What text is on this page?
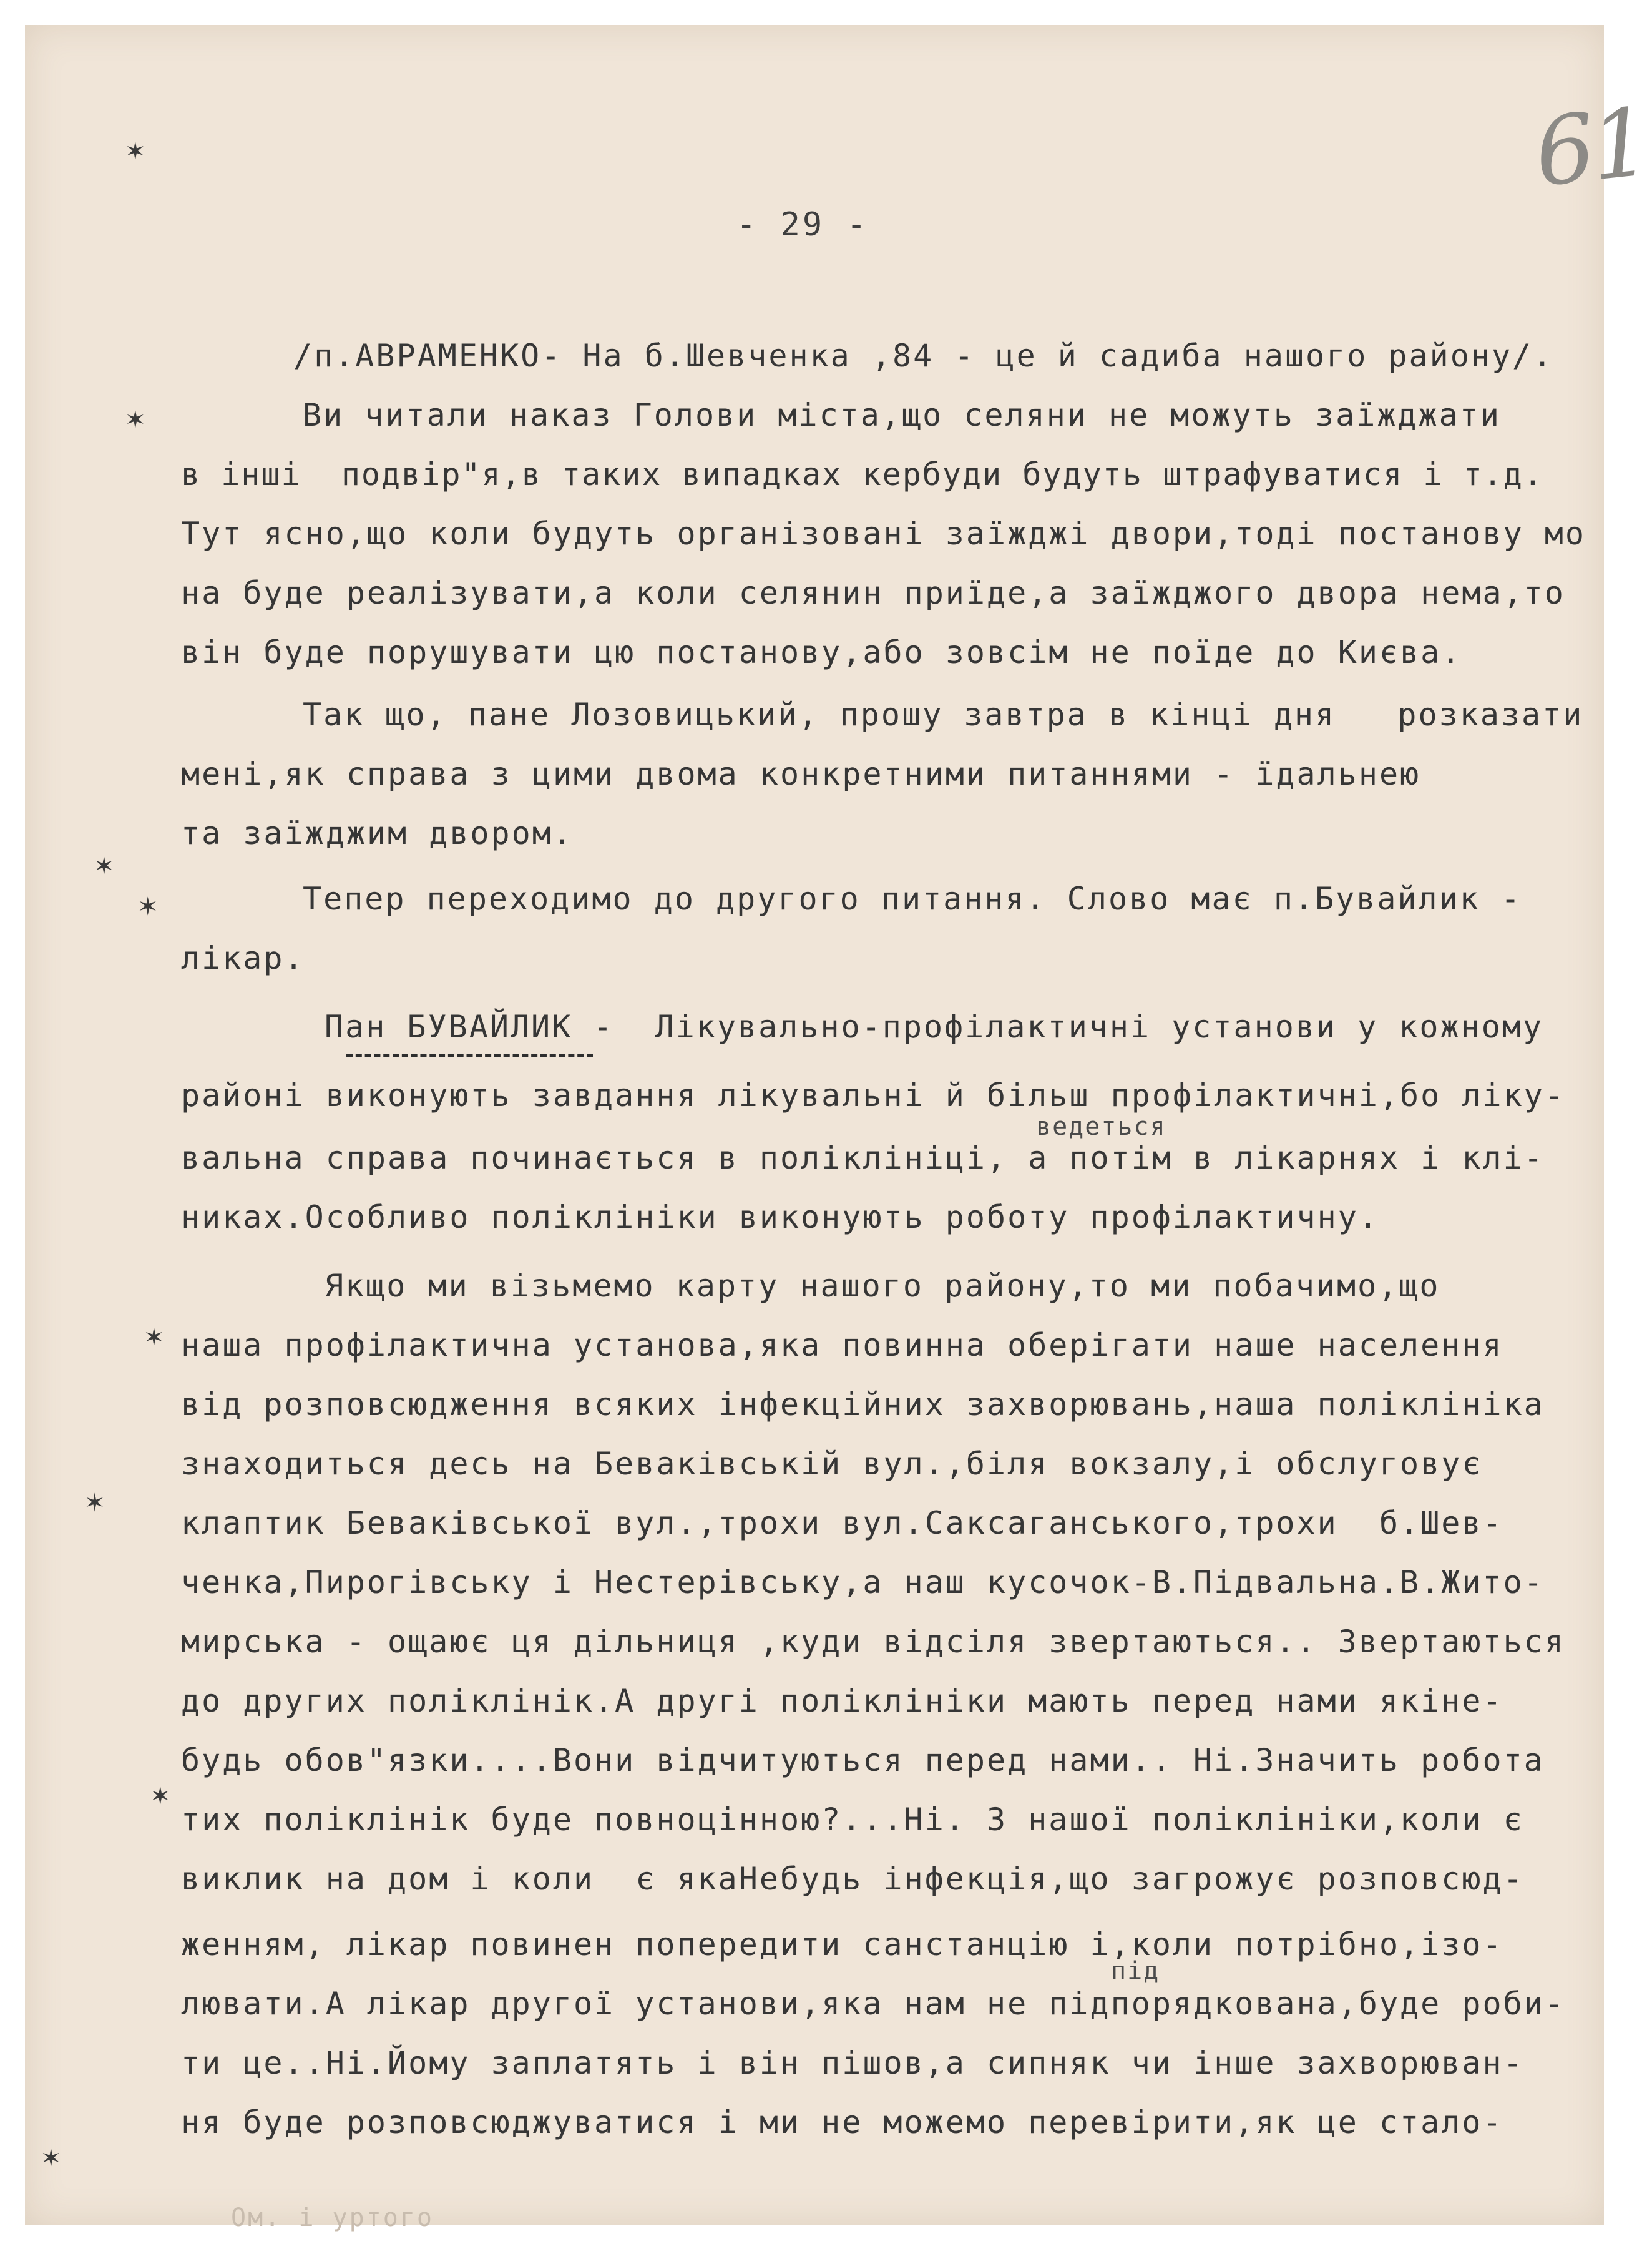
61
- 29 -
/п.АВРАМЕНКО- На б.Шевченка ,84 - це й садиба нашого району/.
Ви читали наказ Голови міста,що селяни не можуть заїжджати
в інші  подвір"я,в таких випадках кербуди будуть штрафуватися і т.д.
Тут ясно,що коли будуть організовані заїжджі двори,тоді постанову мо
на буде реалізувати,а коли селянин приїде,а заїжджого двора нема,то
він буде порушувати цю постанову,або зовсім не поїде до Києва.
Так що, пане Лозовицький, прошу завтра в кінці дня   розказати
мені,як справа з цими двома конкретними питаннями - їдальнею
та заїжджим двором.
Тепер переходимо до другого питання. Слово має п.Бувайлик -
лікар.
Пан БУВАЙЛИК -  Лікувально-профілактичні установи у кожному
районі виконують завдання лікувальні й більш профілактичні,бо ліку-
ведеться
вальна справа починається в поліклініці, а потім в лікарнях і клі-
никах.Особливо поліклініки виконують роботу профілактичну.
Якщо ми візьмемо карту нашого району,то ми побачимо,що
наша профілактична установа,яка повинна оберігати наше населення
від розповсюдження всяких інфекційних захворювань,наша поліклініка
знаходиться десь на Беваківській вул.,біля вокзалу,і обслуговує
клаптик Беваківської вул.,трохи вул.Саксаганського,трохи  б.Шев-
ченка,Пирогівську і Нестерівську,а наш кусочок-В.Підвальна.В.Жито-
мирська - ощаює ця дільниця ,куди відсіля звертаються.. Звертаються
до других поліклінік.А другі поліклініки мають перед нами якіне-
будь обов"язки....Вони відчитуються перед нами.. Ні.Значить робота
тих поліклінік буде повноцінною?...Ні. З нашої поліклініки,коли є
виклик на дом і коли  є якаНебудь інфекція,що загрожує розповсюд-
женням, лікар повинен попередити санстанцію і,коли потрібно,ізо-
під
лювати.А лікар другої установи,яка нам не підпорядкована,буде роби-
ти це..Ні.Йому заплатять і він пішов,а сипняк чи інше захворюван-
ня буде розповсюджуватися і ми не можемо перевірити,як це стало-
Ом. і уртого
✶
✶
✶
✶
✶
✶
✶
✶
